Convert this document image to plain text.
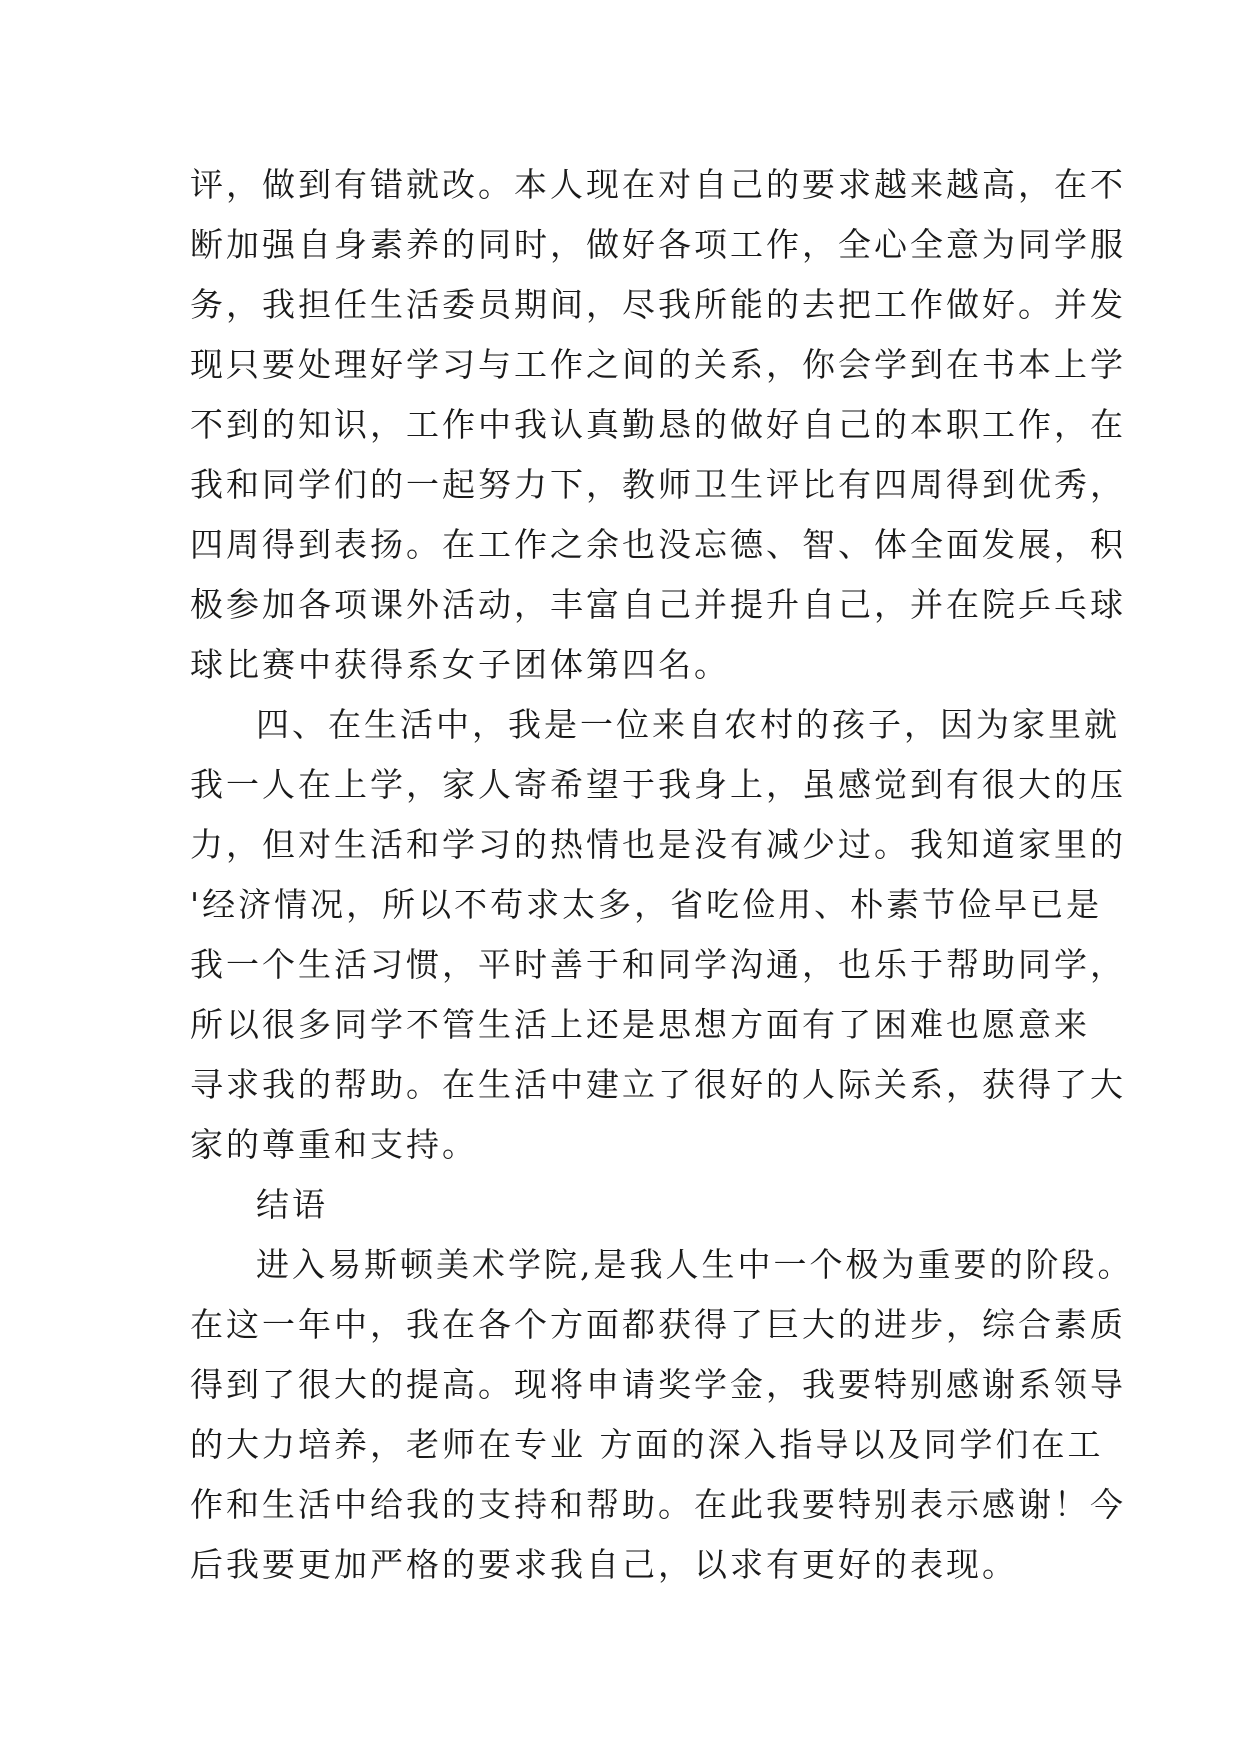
评，做到有错就改。本人现在对自己的要求越来越高，在不
断加强自身素养的同时，做好各项工作，全心全意为同学服
务，我担任生活委员期间，尽我所能的去把工作做好。并发
现只要处理好学习与工作之间的关系，你会学到在书本上学
不到的知识，工作中我认真勤恳的做好自己的本职工作，在
我和同学们的一起努力下，教师卫生评比有四周得到优秀，
四周得到表扬。在工作之余也没忘德、智、体全面发展，积
极参加各项课外活动，丰富自己并提升自己，并在院乒乓球
球比赛中获得系女子团体第四名。
四、在生活中，我是一位来自农村的孩子，因为家里就
我一人在上学，家人寄希望于我身上，虽感觉到有很大的压
力，但对生活和学习的热情也是没有减少过。我知道家里的
'经济情况，所以不苟求太多，省吃俭用、朴素节俭早已是
我一个生活习惯，平时善于和同学沟通，也乐于帮助同学，
所以很多同学不管生活上还是思想方面有了困难也愿意来
寻求我的帮助。在生活中建立了很好的人际关系，获得了大
家的尊重和支持。
结语
进入易斯顿美术学院,是我人生中一个极为重要的阶段。
在这一年中，我在各个方面都获得了巨大的进步，综合素质
得到了很大的提高。现将申请奖学金，我要特别感谢系领导
的大力培养，老师在专业 方面的深入指导以及同学们在工
作和生活中给我的支持和帮助。在此我要特别表示感谢！今
后我要更加严格的要求我自己，以求有更好的表现。
